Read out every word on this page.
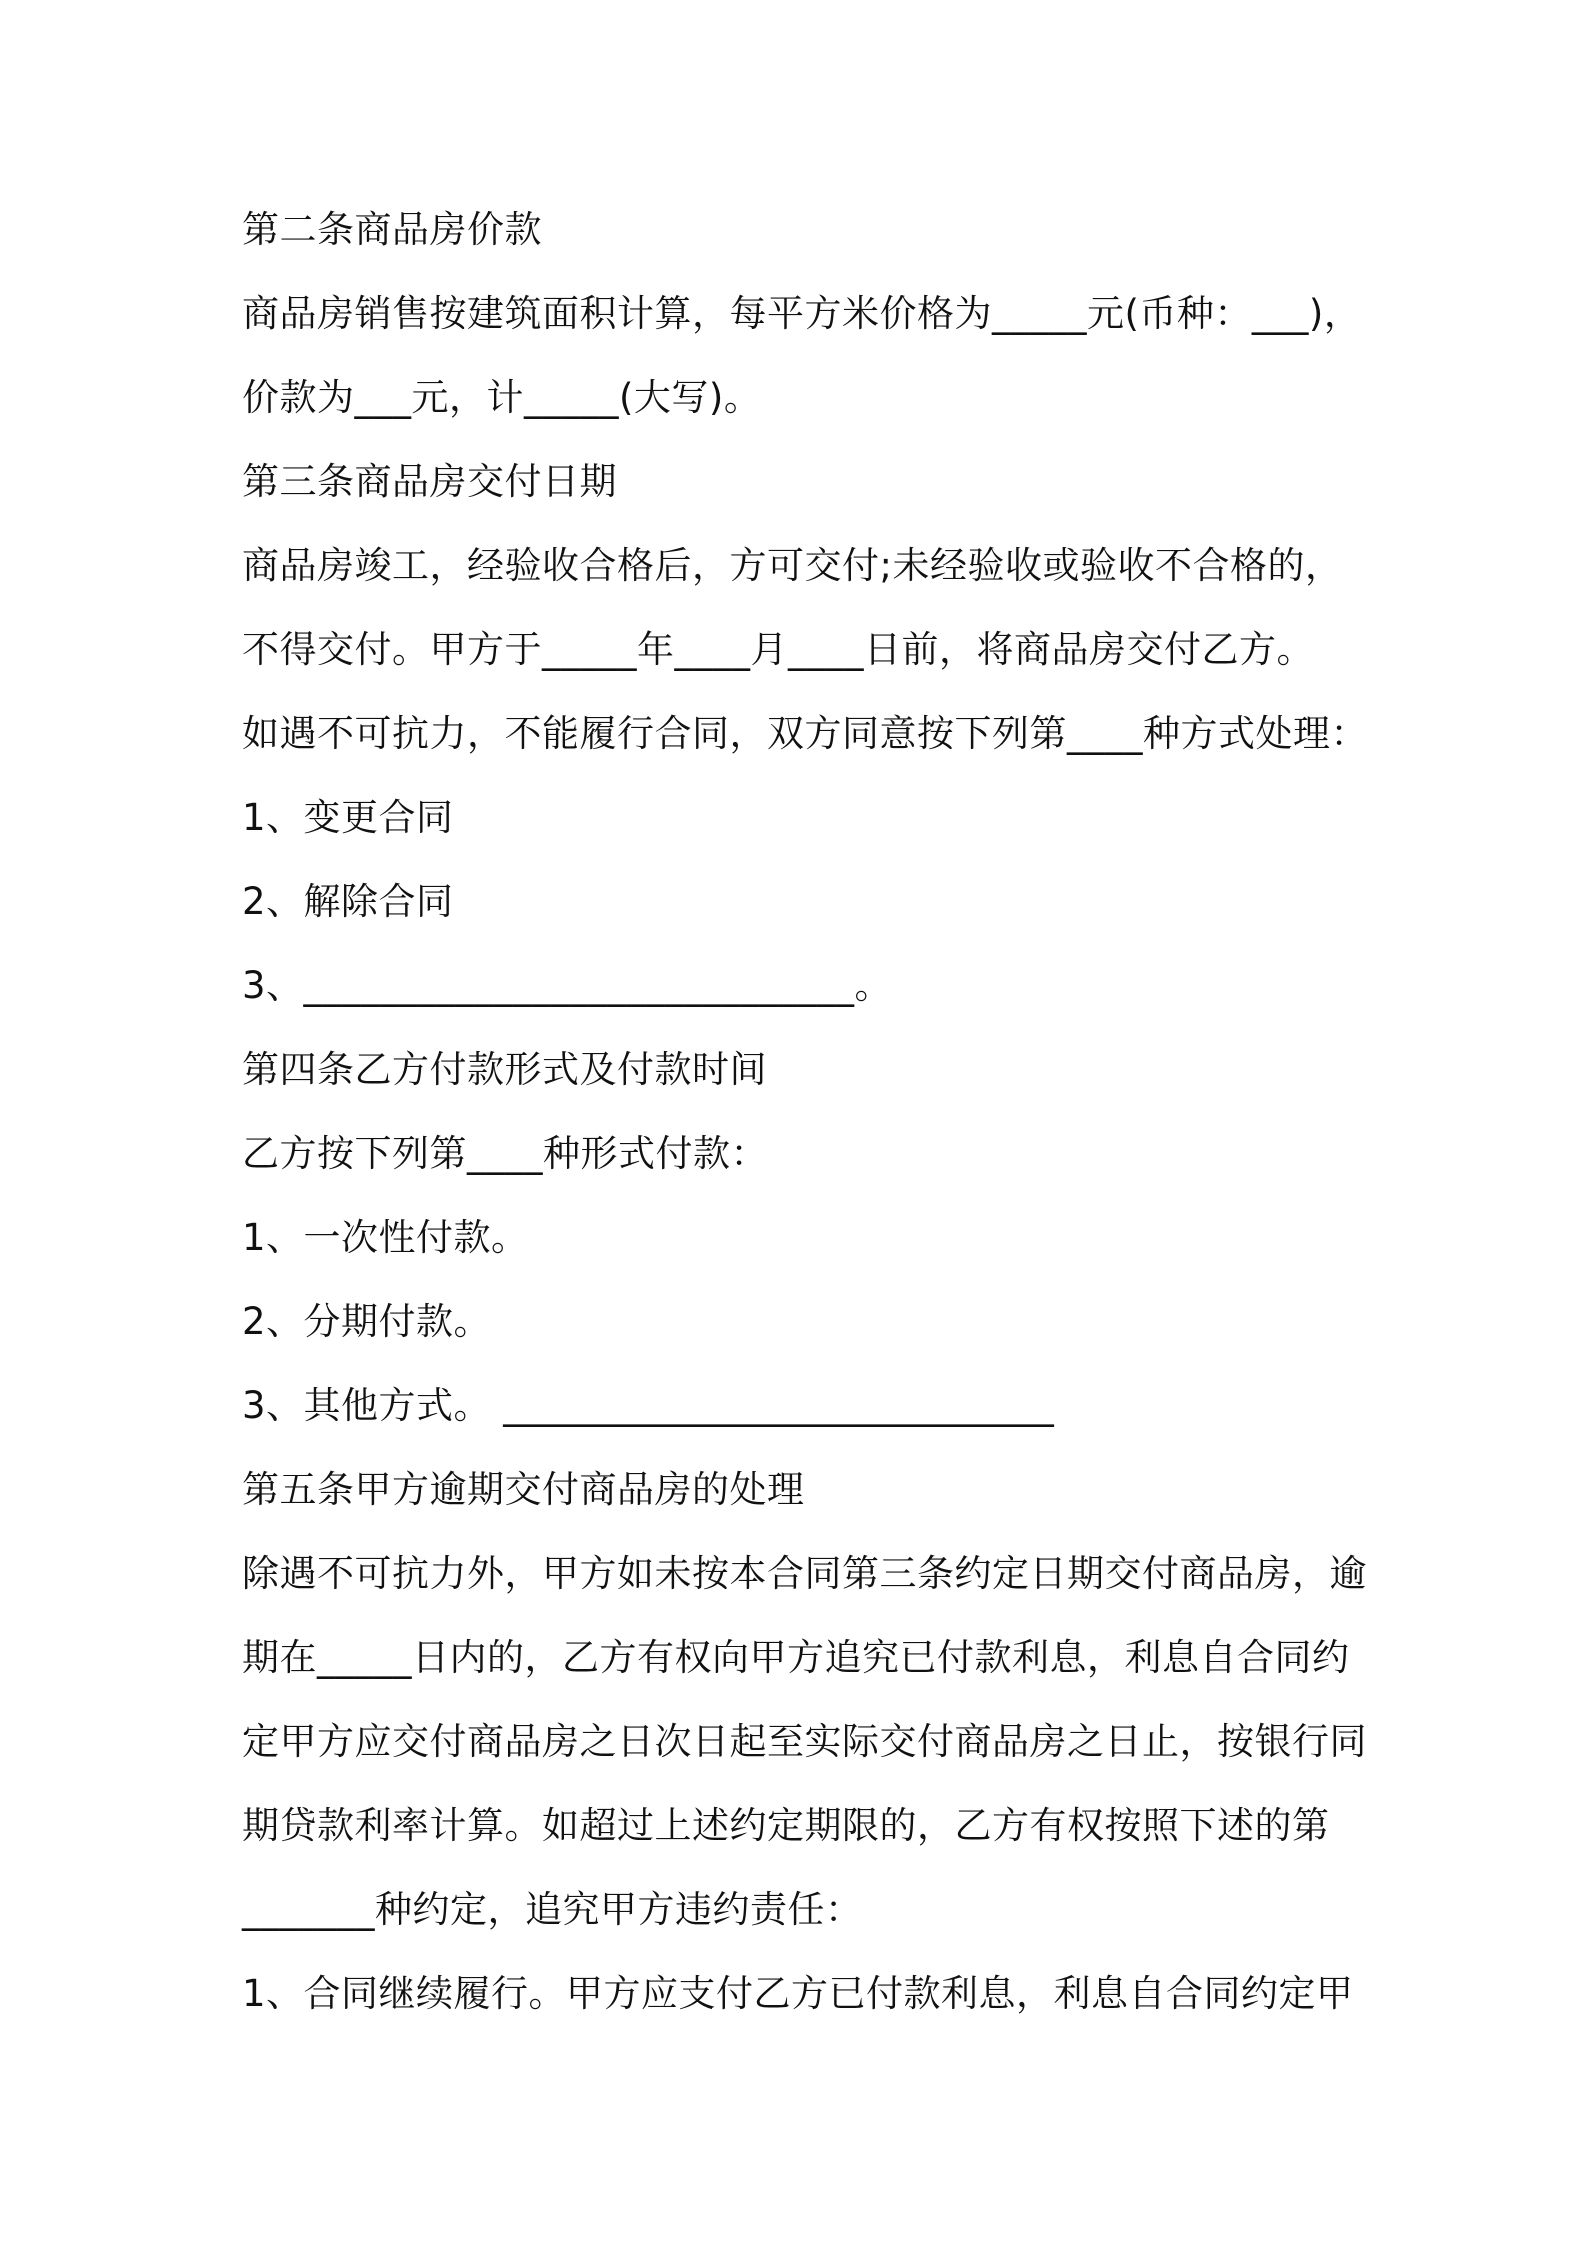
第二条商品房价款
商品房销售按建筑面积计算，每平方米价格为_____元(币种：___)，
价款为___元，计_____(大写)。
第三条商品房交付日期
商品房竣工，经验收合格后，方可交付;未经验收或验收不合格的，
不得交付。甲方于_____年____月____日前，将商品房交付乙方。
如遇不可抗力，不能履行合同，双方同意按下列第____种方式处理：
1、变更合同
2、解除合同
3、_____________________________。
第四条乙方付款形式及付款时间
乙方按下列第____种形式付款：
1、一次性付款。
2、分期付款。
3、其他方式。 _____________________________
第五条甲方逾期交付商品房的处理
除遇不可抗力外，甲方如未按本合同第三条约定日期交付商品房，逾
期在_____日内的，乙方有权向甲方追究已付款利息，利息自合同约
定甲方应交付商品房之日次日起至实际交付商品房之日止，按银行同
期贷款利率计算。如超过上述约定期限的，乙方有权按照下述的第
_______种约定，追究甲方违约责任：
1、合同继续履行。甲方应支付乙方已付款利息，利息自合同约定甲
